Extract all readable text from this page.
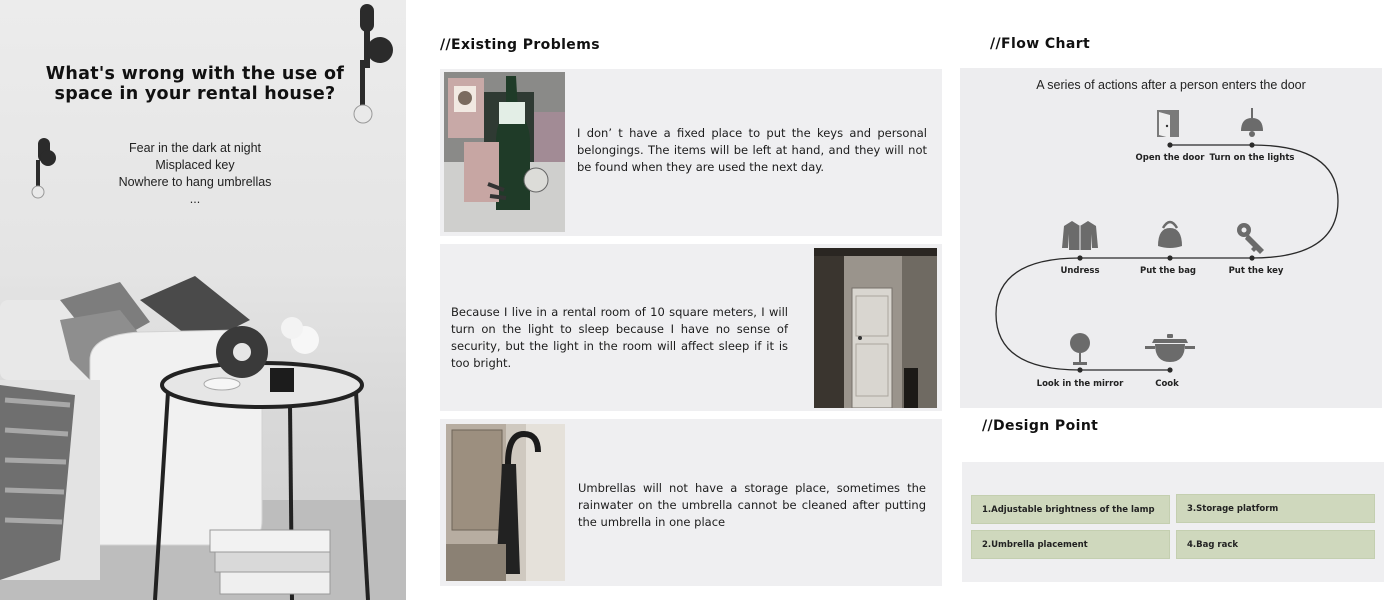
What's wrong with the use of space in your rental house?
Fear in the dark at night
Misplaced key
Nowhere to hang umbrellas
...
//Existing Problems
I don’ t have a fixed place to put the keys and personal belongings. The items will be left at hand, and they will not be found when they are used the next day.
Because I live in a rental room of 10 square meters, I will turn on the light to sleep because I have no sense of security, but the light in the room will affect sleep if it is too bright.
Umbrellas will not have a storage place, sometimes the rainwater on the umbrella cannot be cleaned after putting the umbrella in one place
//Flow Chart
A series of actions after a person enters the door
Open the door Turn on the lights
Put the key
Put the bag
Undress
Look in the mirror	Cook
//Design Point
1.Adjustable brightness of the lamp	3.Storage platform
2.Umbrella placement	4.Bag rack
